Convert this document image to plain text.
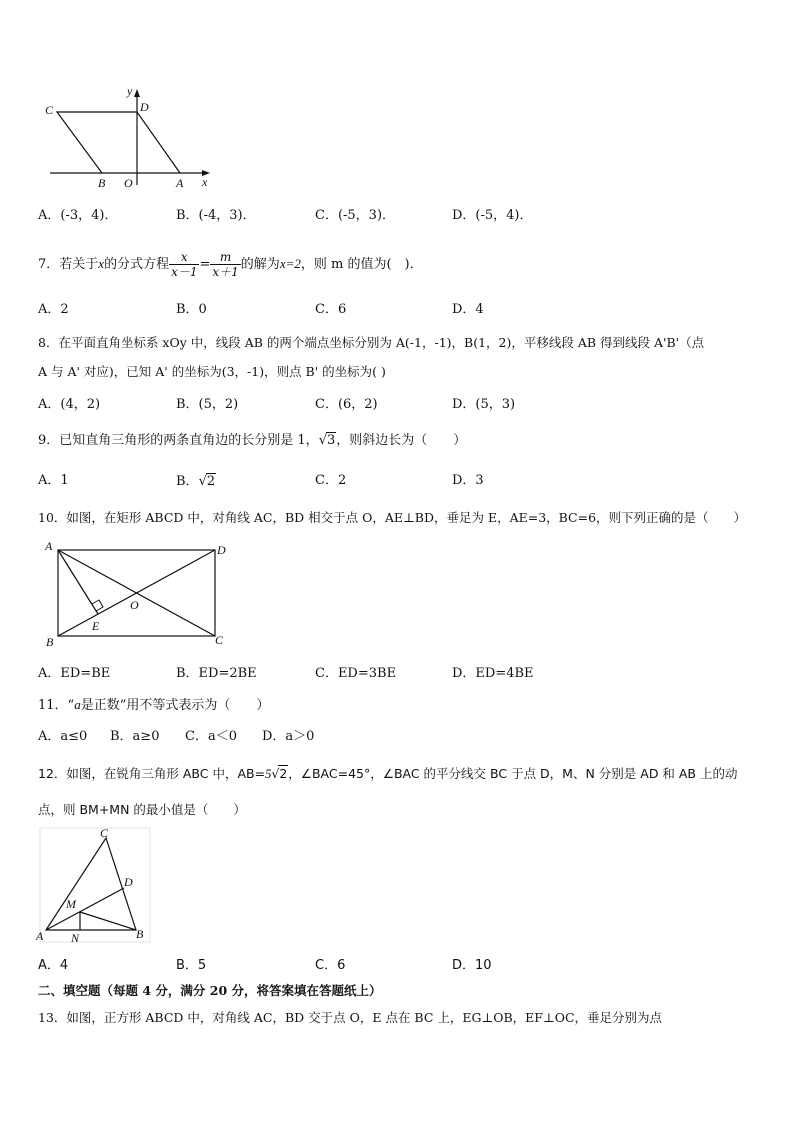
C	D
y
B O	A x
A．(-3，4)．	B．(-4，3)．	C．(-5，3)．	D．(-5，4)．
7．若关于x的分式方程 $\frac{x}{x-1} = \frac{m}{x+1}$ 的解为x=2，则 m 的值为(　)．
A．2	B．0	C．6	D．4
8．在平面直角坐标系 xOy 中，线段 AB 的两个端点坐标分别为 A(-1，-1)，B(1，2)，平移线段 AB 得到线段 A'B'（点
A 与 A' 对应)，已知 A' 的坐标为(3，-1)，则点 B' 的坐标为( )
A．(4，2)	B．(5，2)	C．(6，2)	D．(5，3)
9．已知直角三角形的两条直角边的长分别是 1，√3，则斜边长为（　　）
A．1	B．√2	C．2	D．3
10．如图，在矩形 ABCD 中，对角线 AC，BD 相交于点 O，AE⊥BD，垂足为 E，AE=3，BC=6，则下列正确的是（　　）
A	D
O
E
B	C
A．ED=BE	B．ED=2BE	C．ED=3BE	D．ED=4BE
11．“a是正数”用不等式表示为（　　）
A．a≤0 B．a≥0 C．a＜0 D．a＞0
12．如图，在锐角三角形 ABC 中，AB=5√2，∠BAC=45°，∠BAC 的平分线交 BC 于点 D，M、N 分别是 AD 和 AB 上的动
点，则 BM+MN 的最小值是（　　）
C
D
M
A N	B
A．4	B．5	C．6	D．10
二、填空题（每题 4 分，满分 20 分，将答案填在答题纸上）
13．如图，正方形 ABCD 中，对角线 AC，BD 交于点 O，E 点在 BC 上，EG⊥OB，EF⊥OC，垂足分别为点
